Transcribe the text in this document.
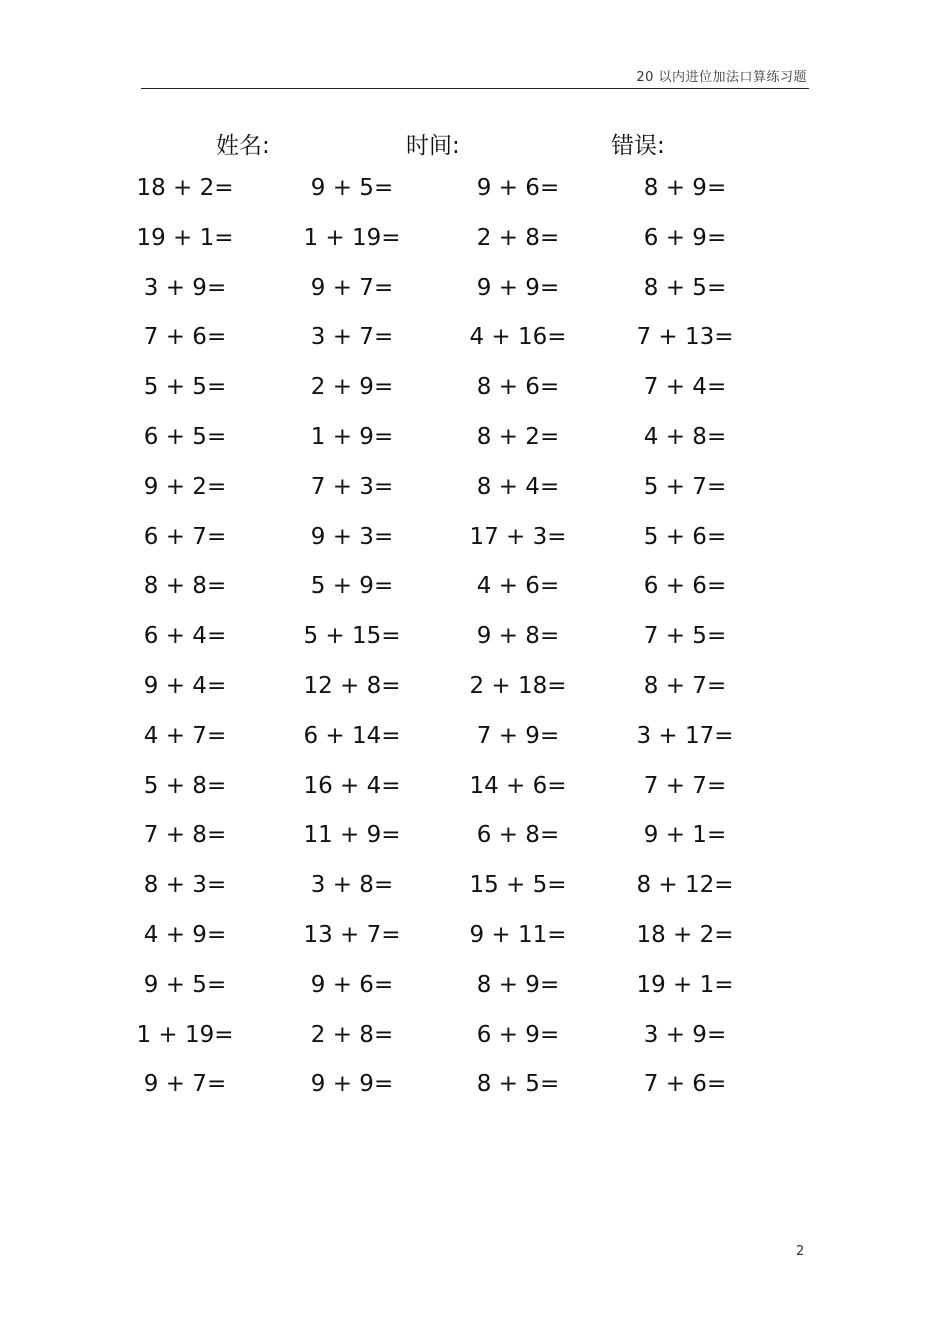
20 以内进位加法口算练习题
姓名:	时间:	错误:
18 + 2=	9 + 5=	9 + 6=	8 + 9=
19 + 1=	1 + 19=	2 + 8=	6 + 9=
3 + 9=	9 + 7=	9 + 9=	8 + 5=
7 + 6=	3 + 7=	4 + 16=	7 + 13=
5 + 5=	2 + 9=	8 + 6=	7 + 4=
6 + 5=	1 + 9=	8 + 2=	4 + 8=
9 + 2=	7 + 3=	8 + 4=	5 + 7=
6 + 7=	9 + 3=	17 + 3=	5 + 6=
8 + 8=	5 + 9=	4 + 6=	6 + 6=
6 + 4=	5 + 15=	9 + 8=	7 + 5=
9 + 4=	12 + 8=	2 + 18=	8 + 7=
4 + 7=	6 + 14=	7 + 9=	3 + 17=
5 + 8=	16 + 4=	14 + 6=	7 + 7=
7 + 8=	11 + 9=	6 + 8=	9 + 1=
8 + 3=	3 + 8=	15 + 5=	8 + 12=
4 + 9=	13 + 7=	9 + 11=	18 + 2=
9 + 5=	9 + 6=	8 + 9=	19 + 1=
1 + 19=	2 + 8=	6 + 9=	3 + 9=
9 + 7=	9 + 9=	8 + 5=	7 + 6=
2
